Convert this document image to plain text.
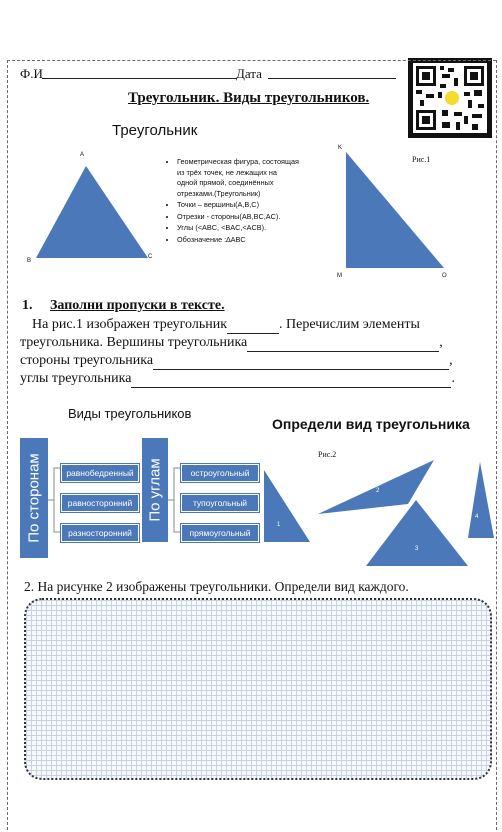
Ф.И	Дата
Треугольник. Виды треугольников.
Треугольник
A
B
C
• Геометрическая фигура, состоящая из трёх точек, не лежащих на одной прямой, соединённых отрезками.(Треугольник)
• Точки – вершины(A,B,C)
• Отрезки - стороны(AB,BC,AC).
• Углы (<ABC, <BAC,<ACB).
• Обозначение :∆ABC
K
M	O
Рис.1
1. Заполни пропуски в тексте.
На рис.1 изображен треугольник	. Перечислим элементы
треугольника. Вершины треугольника	,
стороны треугольника	,
углы треугольника	.
Виды треугольников
По сторонам	равнобедренный
равносторонний
разносторонний
По углам	остроугольный
тупоугольный
прямоугольный
1
Определи вид треугольника
Рис.2
2
3
4
2. На рисунке 2 изображены треугольники. Определи вид каждого.
